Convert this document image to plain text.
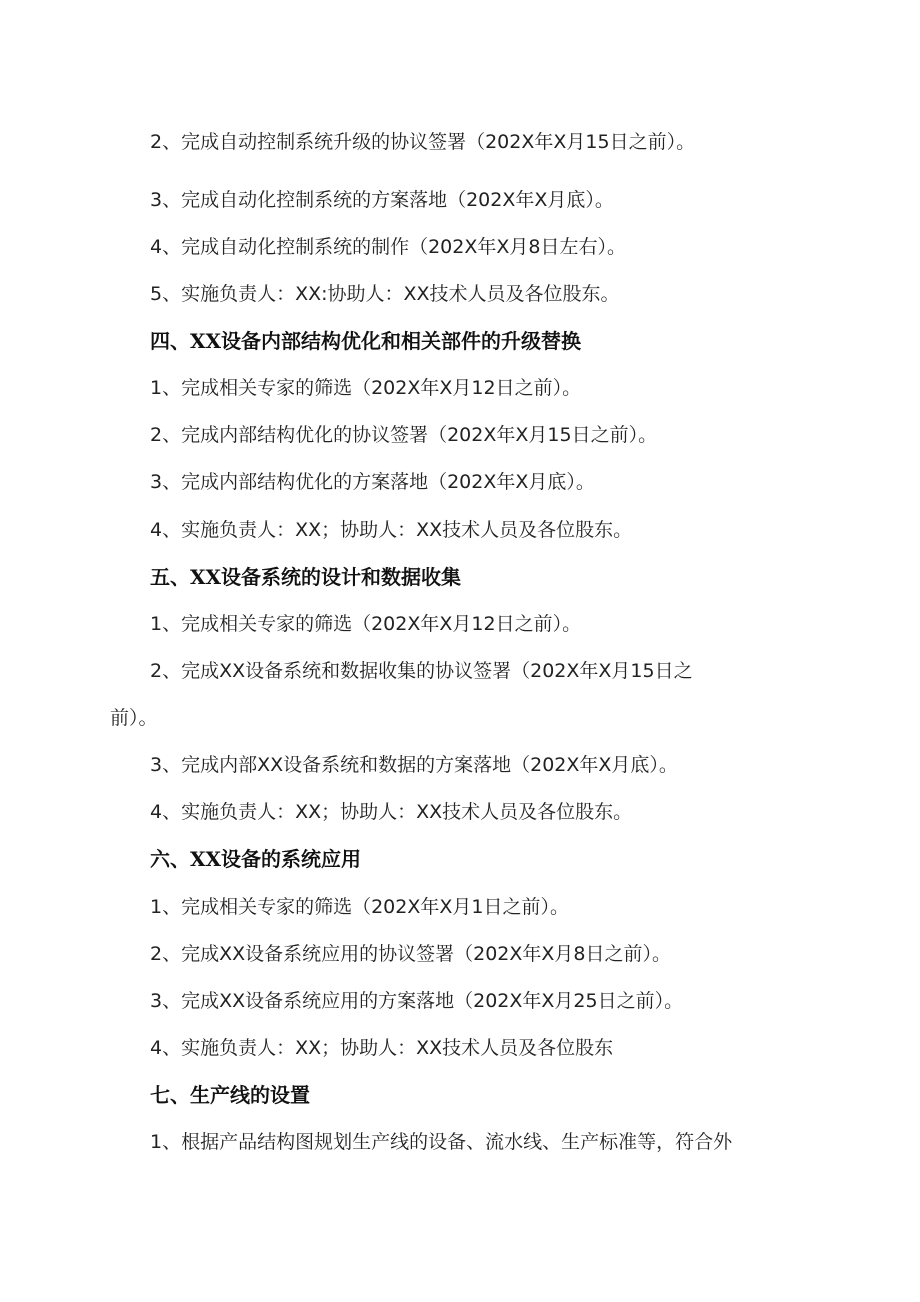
2、完成自动控制系统升级的协议签署（202X年X月15日之前）。
3、完成自动化控制系统的方案落地（202X年X月底）。
4、完成自动化控制系统的制作（202X年X月8日左右）。
5、实施负责人：XX:协助人：XX技术人员及各位股东。
四、XX设备内部结构优化和相关部件的升级替换
1、完成相关专家的筛选（202X年X月12日之前）。
2、完成内部结构优化的协议签署（202X年X月15日之前）。
3、完成内部结构优化的方案落地（202X年X月底）。
4、实施负责人：XX；协助人：XX技术人员及各位股东。
五、XX设备系统的设计和数据收集
1、完成相关专家的筛选（202X年X月12日之前）。
2、完成XX设备系统和数据收集的协议签署（202X年X月15日之
前）。
3、完成内部XX设备系统和数据的方案落地（202X年X月底）。
4、实施负责人：XX；协助人：XX技术人员及各位股东。
六、XX设备的系统应用
1、完成相关专家的筛选（202X年X月1日之前）。
2、完成XX设备系统应用的协议签署（202X年X月8日之前）。
3、完成XX设备系统应用的方案落地（202X年X月25日之前）。
4、实施负责人：XX；协助人：XX技术人员及各位股东
七、生产线的设置
1、根据产品结构图规划生产线的设备、流水线、生产标准等，符合外
